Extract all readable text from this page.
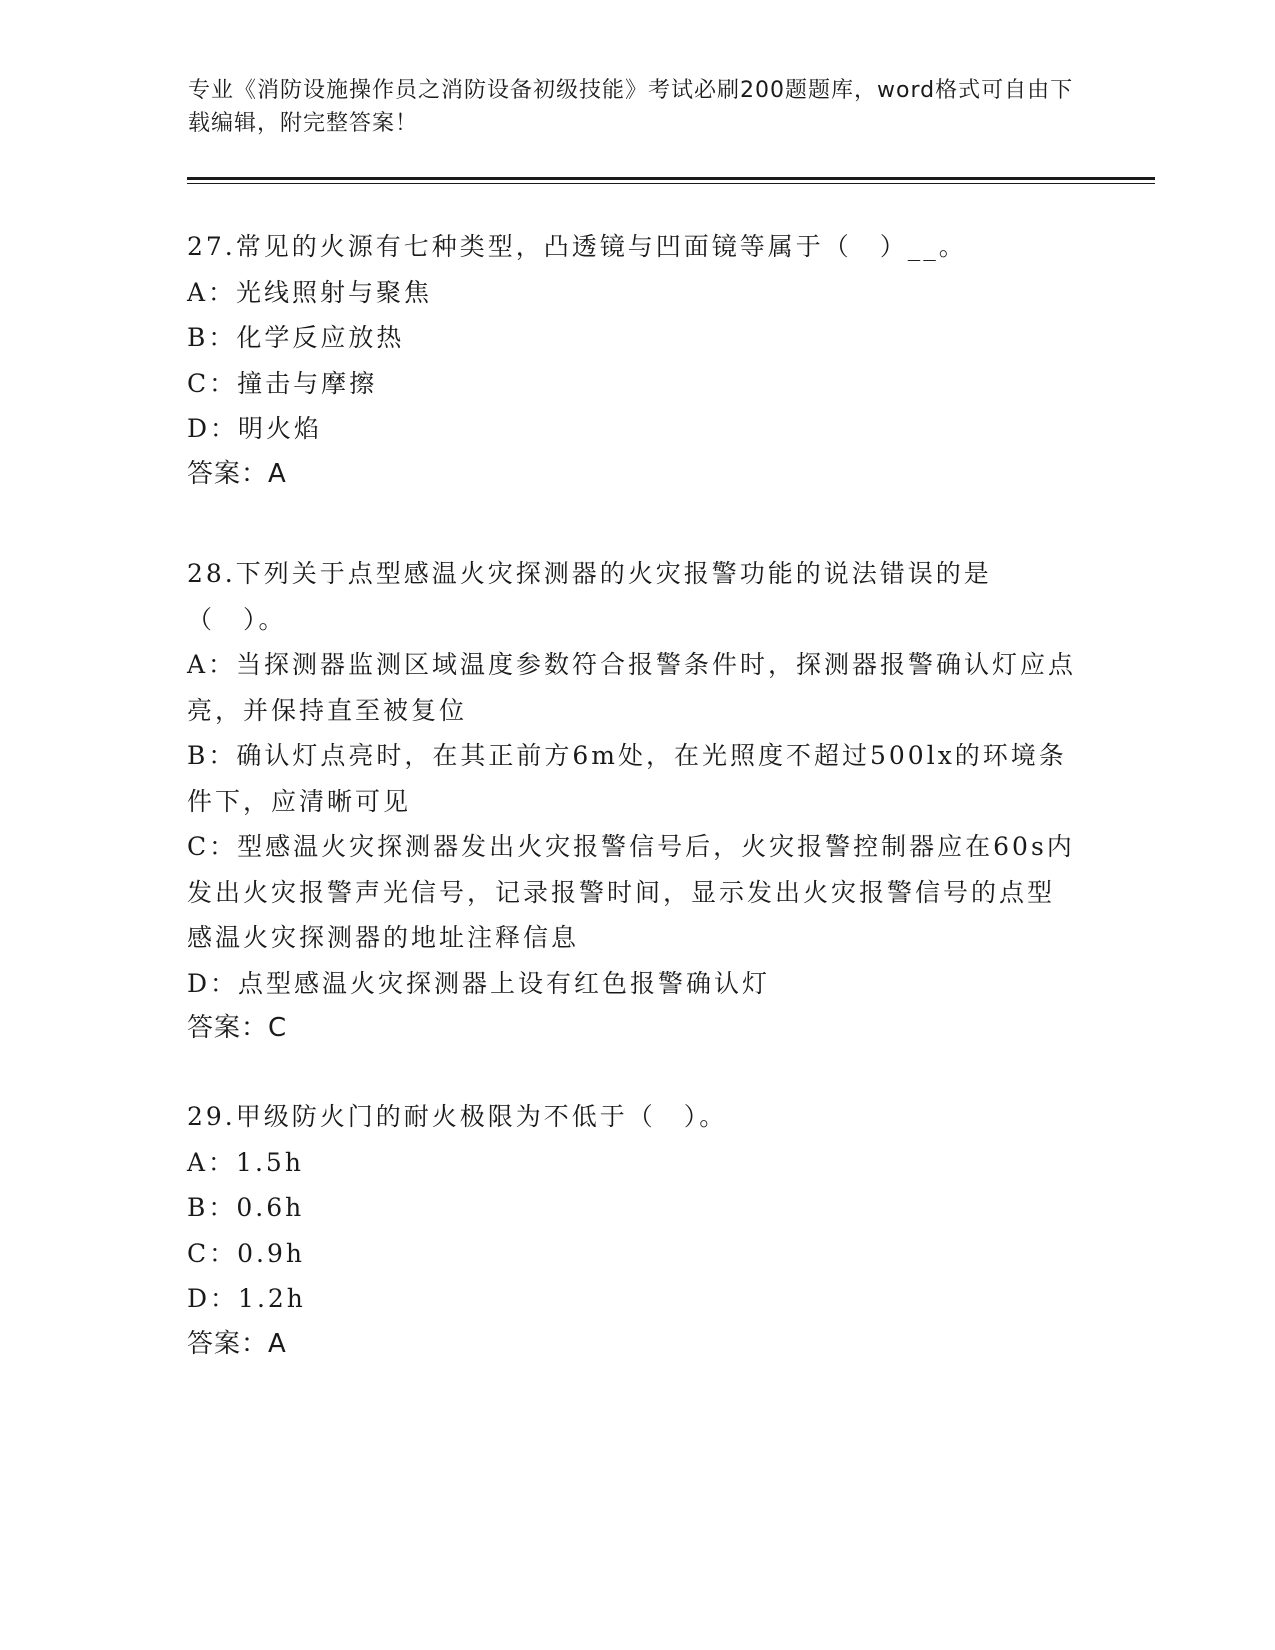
专业《消防设施操作员之消防设备初级技能》考试必刷200题题库，word格式可自由下载编辑，附完整答案！
27.常见的火源有七种类型，凸透镜与凹面镜等属于（　）__。
A：光线照射与聚焦
B：化学反应放热
C：撞击与摩擦
D：明火焰
答案：A
28.下列关于点型感温火灾探测器的火灾报警功能的说法错误的是（　）。
A：当探测器监测区域温度参数符合报警条件时，探测器报警确认灯应点亮，并保持直至被复位
B：确认灯点亮时，在其正前方6m处，在光照度不超过500lx的环境条件下，应清晰可见
C：型感温火灾探测器发出火灾报警信号后，火灾报警控制器应在60s内发出火灾报警声光信号，记录报警时间，显示发出火灾报警信号的点型感温火灾探测器的地址注释信息
D：点型感温火灾探测器上设有红色报警确认灯
答案：C
29.甲级防火门的耐火极限为不低于（　）。
A：1.5h
B：0.6h
C：0.9h
D：1.2h
答案：A
